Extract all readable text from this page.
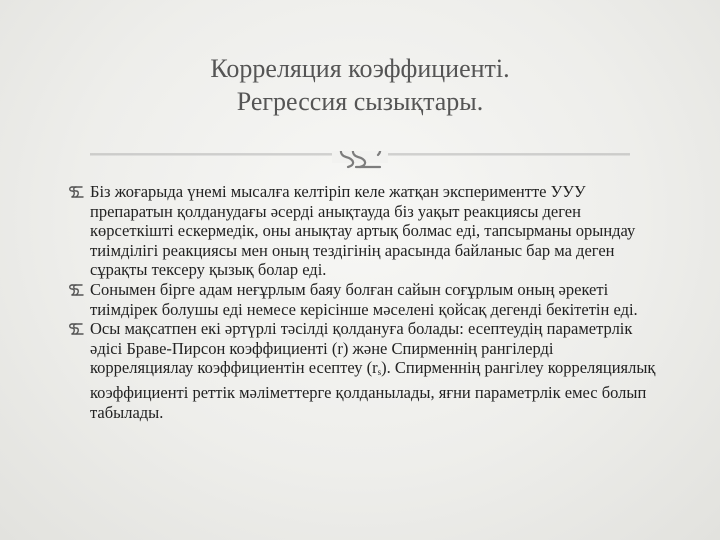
Корреляция коэффициенті.
Регрессия сызықтары.

Біз жоғарыда үнемі мысалға келтіріп келе жатқан экспериментте УУУ препаратын қолданудағы әсерді анықтауда біз уақыт реакциясы деген көрсеткішті ескермедік, оны анықтау артық болмас еді, тапсырманы орындау тиімділігі реакциясы мен оның тездігінің арасында байланыс бар ма деген сұрақты тексеру қызық болар еді.

Сонымен бірге адам неғұрлым баяу болған сайын соғұрлым оның әрекеті тиімдірек болушы еді немесе керісінше мәселені қойсақ дегенді бекітетін еді.

Осы мақсатпен екі әртүрлі тәсілді қолдануға болады: есептеудің параметрлік әдісі Браве-Пирсон коэффициенті (r) және Спирменнің рангілерді корреляциялау коэффициентін есептеу $(r_s)$. Спирменнің рангілеу корреляциялық коэффициенті реттік мәліметтерге қолданылады, яғни параметрлік емес болып табылады.
